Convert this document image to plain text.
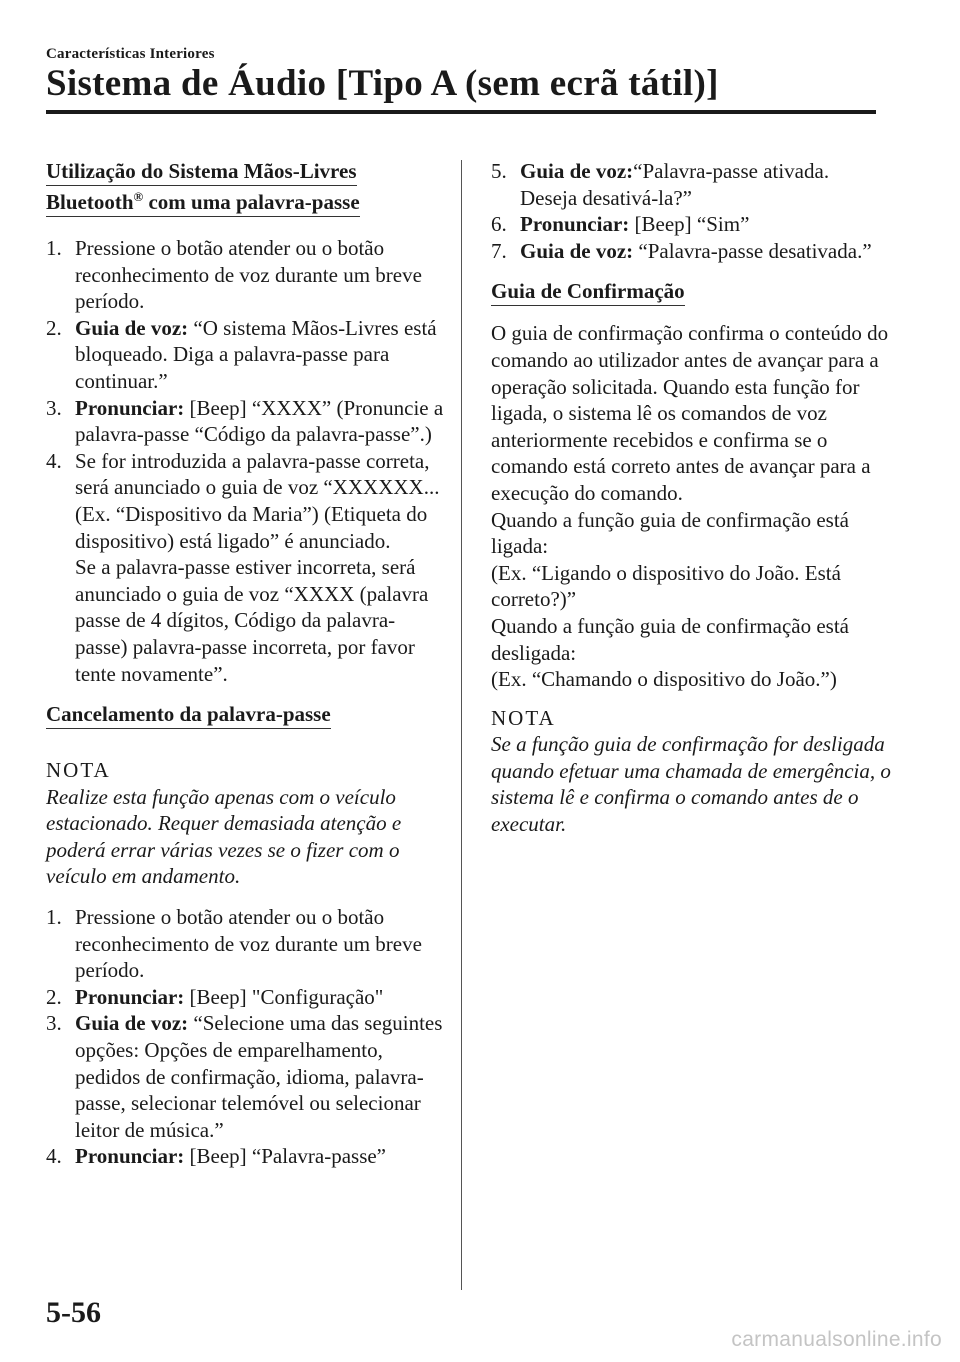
Características Interiores
Sistema de Áudio [Tipo A (sem ecrã tátil)]
Utilização do Sistema Mãos-Livres
Bluetooth® com uma palavra-passe
1. Pressione o botão atender ou o botão reconhecimento de voz durante um breve período.
2. Guia de voz: “O sistema Mãos-Livres está bloqueado. Diga a palavra-passe para continuar.”
3. Pronunciar: [Beep] “XXXX” (Pronuncie a palavra-passe “Código da palavra-passe”.)
4. Se for introduzida a palavra-passe correta, será anunciado o guia de voz “XXXXXX... (Ex. “Dispositivo da Maria”) (Etiqueta do dispositivo) está ligado” é anunciado.
Se a palavra-passe estiver incorreta, será anunciado o guia de voz “XXXX (palavra passe de 4 dígitos, Código da palavra-passe) palavra-passe incorreta, por favor tente novamente”.
Cancelamento da palavra-passe
NOTA
Realize esta função apenas com o veículo estacionado. Requer demasiada atenção e poderá errar várias vezes se o fizer com o veículo em andamento.
1. Pressione o botão atender ou o botão reconhecimento de voz durante um breve período.
2. Pronunciar: [Beep] "Configuração"
3. Guia de voz: “Selecione uma das seguintes opções: Opções de emparelhamento, pedidos de confirmação, idioma, palavra-passe, selecionar telemóvel ou selecionar leitor de música.”
4. Pronunciar: [Beep] “Palavra-passe”
5. Guia de voz:“Palavra-passe ativada. Deseja desativá-la?”
6. Pronunciar: [Beep] “Sim”
7. Guia de voz: “Palavra-passe desativada.”
Guia de Confirmação

O guia de confirmação confirma o conteúdo do comando ao utilizador antes de avançar para a operação solicitada. Quando esta função for ligada, o sistema lê os comandos de voz anteriormente recebidos e confirma se o comando está correto antes de avançar para a execução do comando.

Quando a função guia de confirmação está ligada:

(Ex. “Ligando o dispositivo do João. Está correto?)”

Quando a função guia de confirmação está desligada:

(Ex. “Chamando o dispositivo do João.”)

NOTA
Se a função guia de confirmação for desligada quando efetuar uma chamada de emergência, o sistema lê e confirma o comando antes de o executar.
5-56
carmanualsonline.info
